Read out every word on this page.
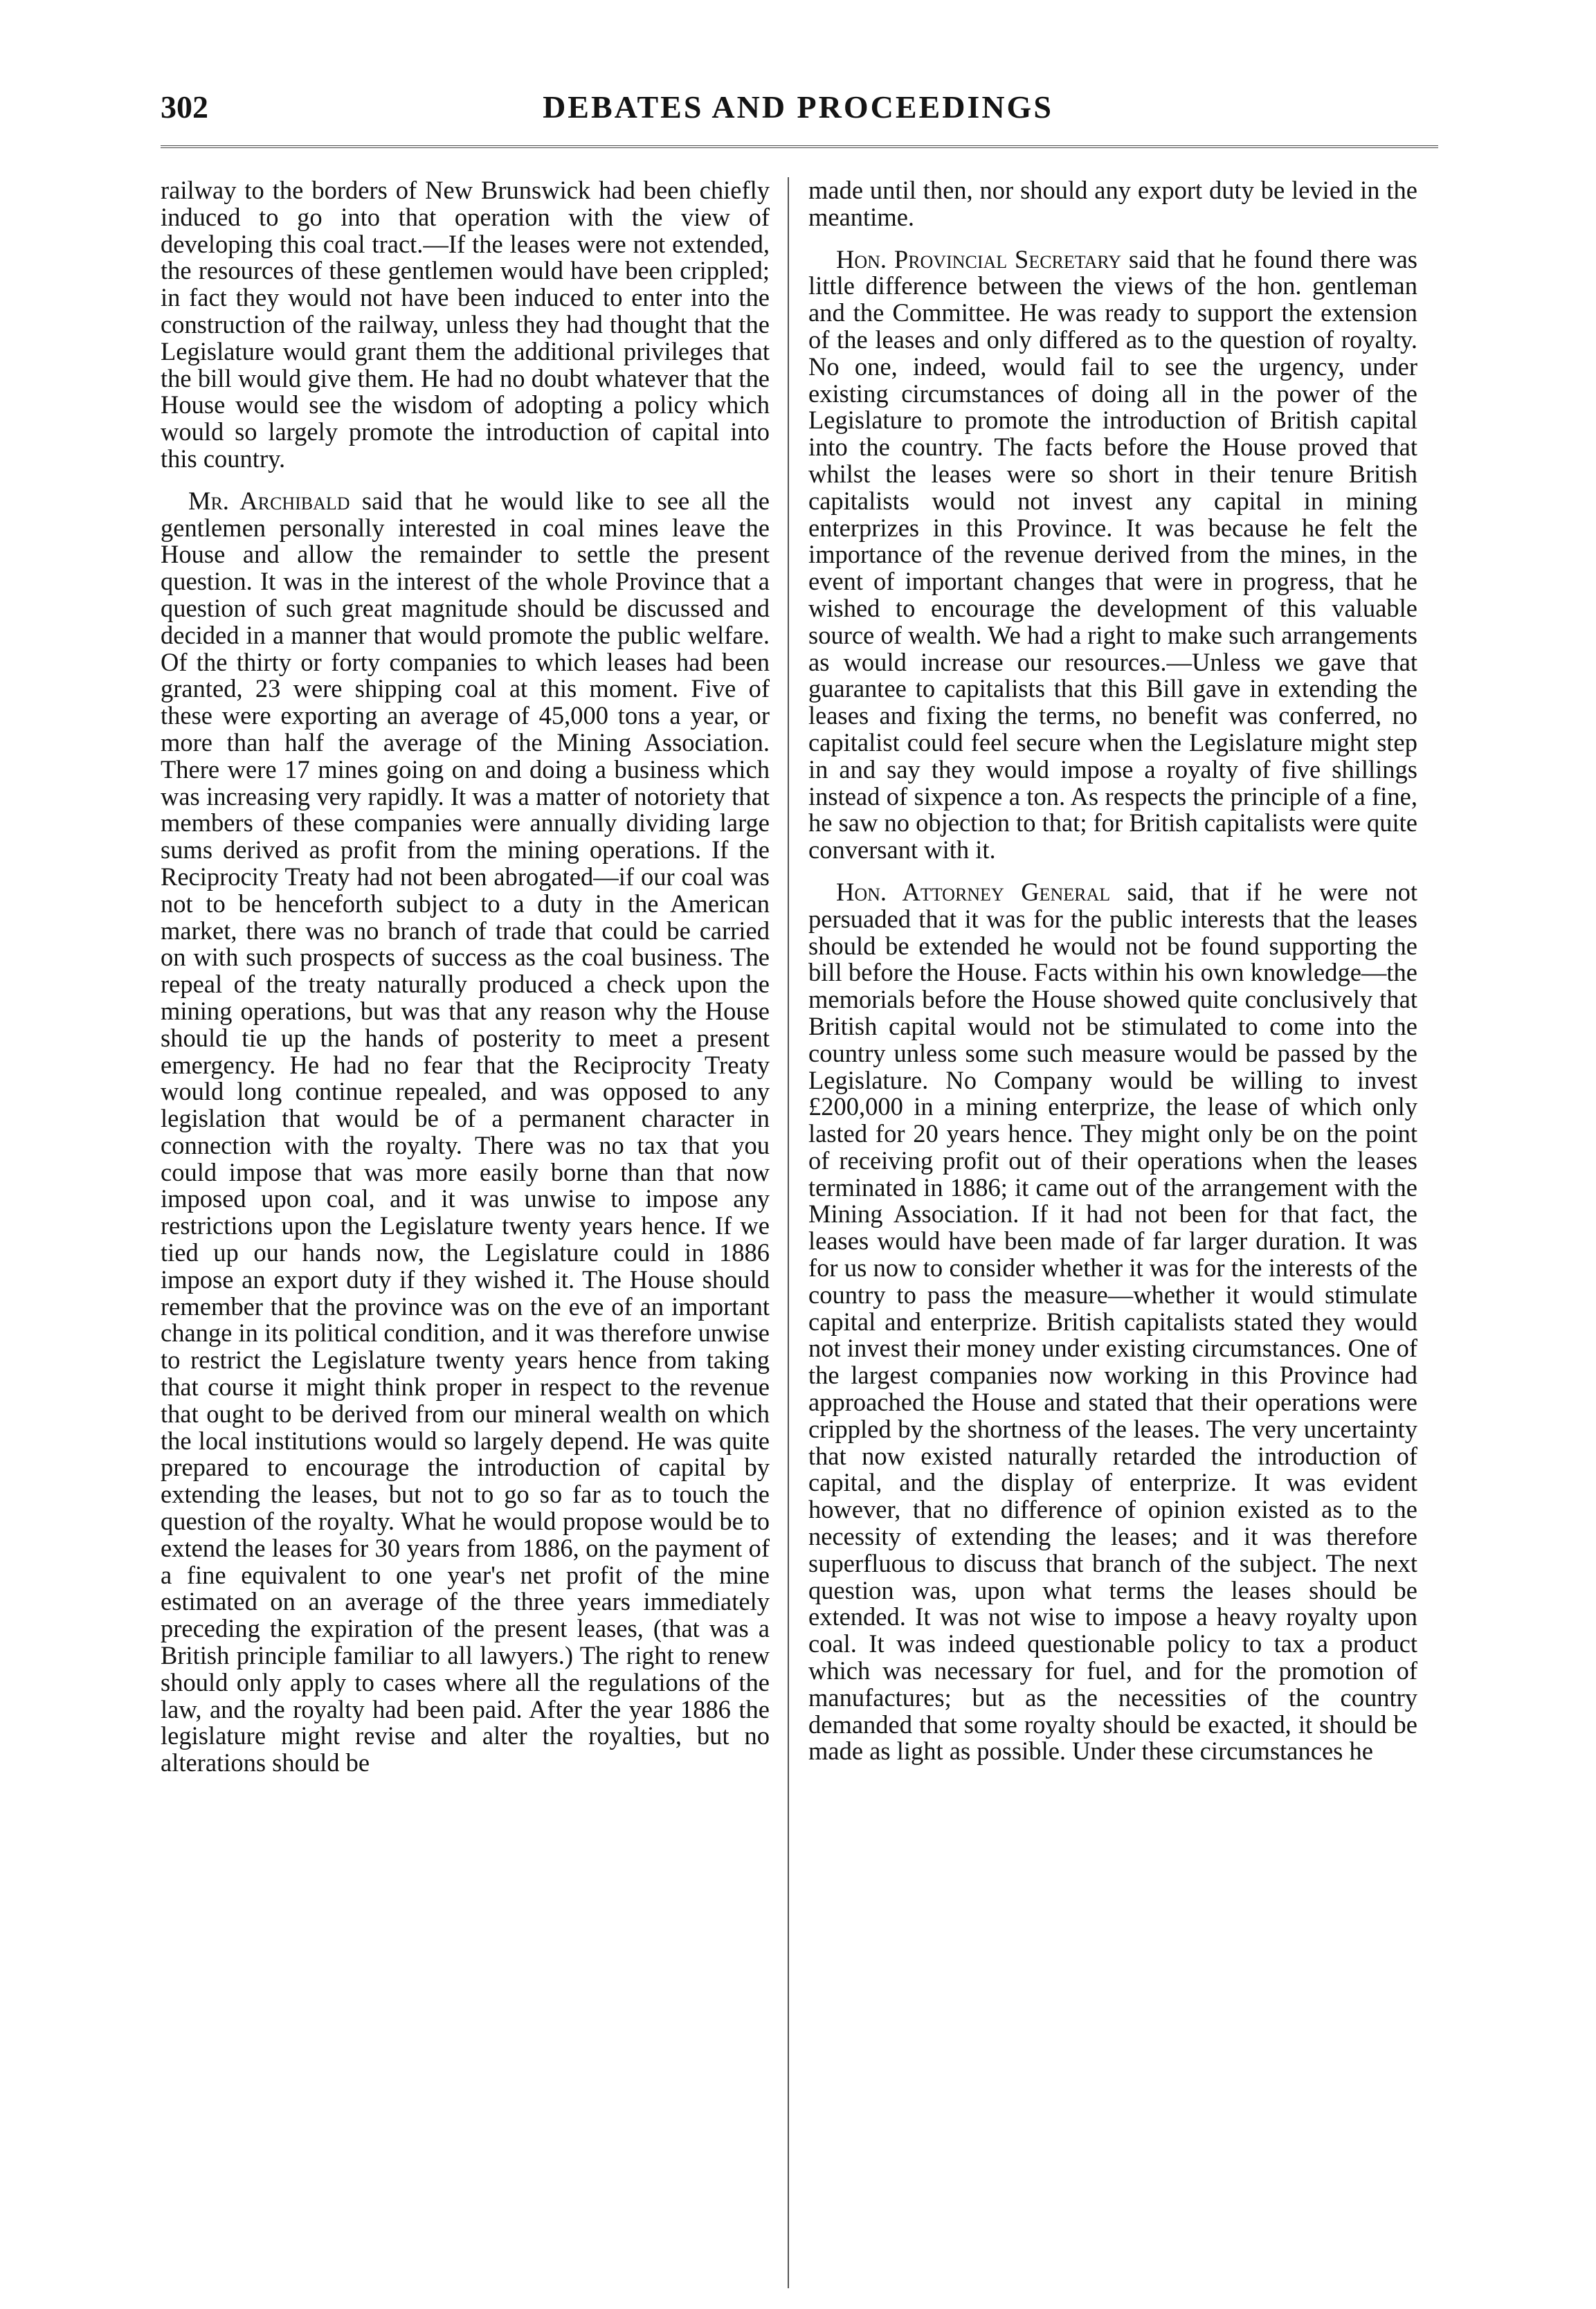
302	DEBATES AND PROCEEDINGS

railway to the borders of New Brunswick had been chiefly induced to go into that operation with the view of developing this coal tract.—If the leases were not extended, the resources of these gentlemen would have been crippled; in fact they would not have been induced to enter into the construction of the railway, unless they had thought that the Legislature would grant them the additional privileges that the bill would give them. He had no doubt whatever that the House would see the wisdom of adopting a policy which would so largely promote the introduction of capital into this country.

Mr. Archibald said that he would like to see all the gentlemen personally interested in coal mines leave the House and allow the remainder to settle the present question. It was in the interest of the whole Province that a question of such great magnitude should be discussed and decided in a manner that would promote the public welfare. Of the thirty or forty companies to which leases had been granted, 23 were shipping coal at this moment. Five of these were exporting an average of 45,000 tons a year, or more than half the average of the Mining Association. There were 17 mines going on and doing a business which was increasing very rapidly. It was a matter of notoriety that members of these companies were annually dividing large sums derived as profit from the mining operations. If the Reciprocity Treaty had not been abrogated—if our coal was not to be henceforth subject to a duty in the American market, there was no branch of trade that could be carried on with such prospects of success as the coal business. The repeal of the treaty naturally produced a check upon the mining operations, but was that any reason why the House should tie up the hands of posterity to meet a present emergency. He had no fear that the Reciprocity Treaty would long continue repealed, and was opposed to any legislation that would be of a permanent character in connection with the royalty. There was no tax that you could impose that was more easily borne than that now imposed upon coal, and it was unwise to impose any restrictions upon the Legislature twenty years hence. If we tied up our hands now, the Legislature could in 1886 impose an export duty if they wished it. The House should remember that the province was on the eve of an important change in its political condition, and it was therefore unwise to restrict the Legislature twenty years hence from taking that course it might think proper in respect to the revenue that ought to be derived from our mineral wealth on which the local institutions would so largely depend. He was quite prepared to encourage the introduction of capital by extending the leases, but not to go so far as to touch the question of the royalty. What he would propose would be to extend the leases for 30 years from 1886, on the payment of a fine equivalent to one year's net profit of the mine estimated on an average of the three years immediately preceding the expiration of the present leases, (that was a British principle familiar to all lawyers.) The right to renew should only apply to cases where all the regulations of the law, and the royalty had been paid. After the year 1886 the legislature might revise and alter the royalties, but no alterations should be

made until then, nor should any export duty be levied in the meantime.

Hon. Provincial Secretary said that he found there was little difference between the views of the hon. gentleman and the Committee. He was ready to support the extension of the leases and only differed as to the question of royalty. No one, indeed, would fail to see the urgency, under existing circumstances of doing all in the power of the Legislature to promote the introduction of British capital into the country. The facts before the House proved that whilst the leases were so short in their tenure British capitalists would not invest any capital in mining enterprizes in this Province. It was because he felt the importance of the revenue derived from the mines, in the event of important changes that were in progress, that he wished to encourage the development of this valuable source of wealth. We had a right to make such arrangements as would increase our resources.—Unless we gave that guarantee to capitalists that this Bill gave in extending the leases and fixing the terms, no benefit was conferred, no capitalist could feel secure when the Legislature might step in and say they would impose a royalty of five shillings instead of sixpence a ton. As respects the principle of a fine, he saw no objection to that; for British capitalists were quite conversant with it.

Hon. Attorney General said, that if he were not persuaded that it was for the public interests that the leases should be extended he would not be found supporting the bill before the House. Facts within his own knowledge—the memorials before the House showed quite conclusively that British capital would not be stimulated to come into the country unless some such measure would be passed by the Legislature. No Company would be willing to invest £200,000 in a mining enterprize, the lease of which only lasted for 20 years hence. They might only be on the point of receiving profit out of their operations when the leases terminated in 1886; it came out of the arrangement with the Mining Association. If it had not been for that fact, the leases would have been made of far larger duration. It was for us now to consider whether it was for the interests of the country to pass the measure—whether it would stimulate capital and enterprize. British capitalists stated they would not invest their money under existing circumstances. One of the largest companies now working in this Province had approached the House and stated that their operations were crippled by the shortness of the leases. The very uncertainty that now existed naturally retarded the introduction of capital, and the display of enterprize. It was evident however, that no difference of opinion existed as to the necessity of extending the leases; and it was therefore superfluous to discuss that branch of the subject. The next question was, upon what terms the leases should be extended. It was not wise to impose a heavy royalty upon coal. It was indeed questionable policy to tax a product which was necessary for fuel, and for the promotion of manufactures; but as the necessities of the country demanded that some royalty should be exacted, it should be made as light as possible. Under these circumstances he
